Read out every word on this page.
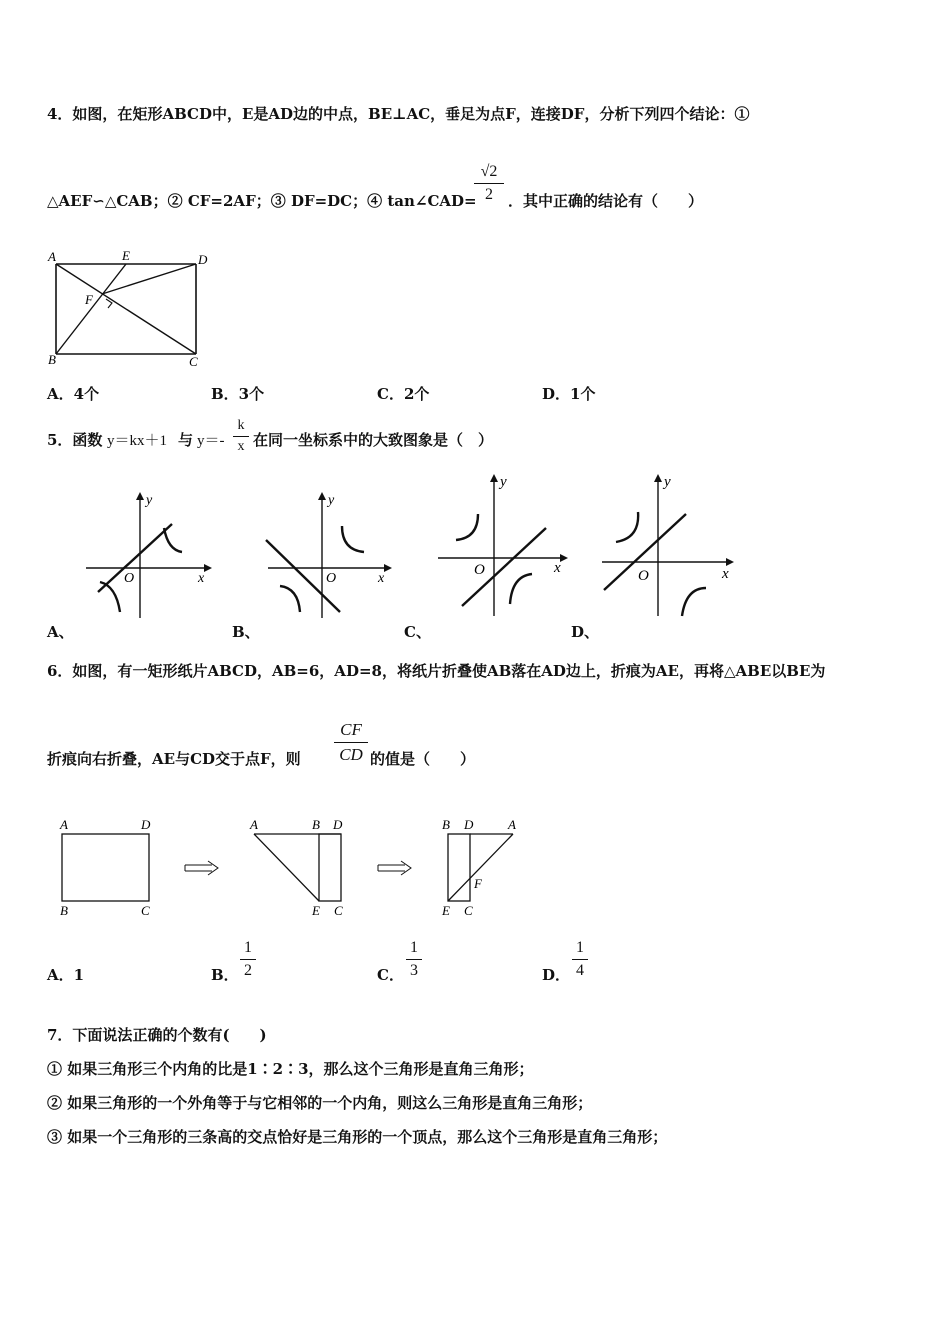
4．如图，在矩形ABCD中，E是AD边的中点，BE⊥AC，垂足为点F，连接DF，分析下列四个结论：①
△AEF∽△CAB；② CF=2AF；③ DF=DC；④ tan∠CAD=
√2
2	．其中正确的结论有（　　）
A	E	D
F
B	C
A．4个	B．3个	C．2个	D．1个
5．函数 y＝kx＋1 与 y＝-
k
x 在同一坐标系中的大致图象是（　）
O	x
y
A、
O	x
y
B、
O	x
y
C、
O	x
y
D、
6．如图，有一矩形纸片ABCD，AB=6，AD=8，将纸片折叠使AB落在AD边上，折痕为AE，再将△ABE以BE为
折痕向右折叠，AE与CD交于点F，则
CF
CD 的值是（　　）
A	D
B	C
A	B D
E C
B D	A
F
E C
A．1	B．
1
2	C．
1
3	D．
1
4
7．下面说法正确的个数有(　　)
① 如果三角形三个内角的比是1∶2∶3，那么这个三角形是直角三角形；
② 如果三角形的一个外角等于与它相邻的一个内角，则这么三角形是直角三角形；
③ 如果一个三角形的三条高的交点恰好是三角形的一个顶点，那么这个三角形是直角三角形；
